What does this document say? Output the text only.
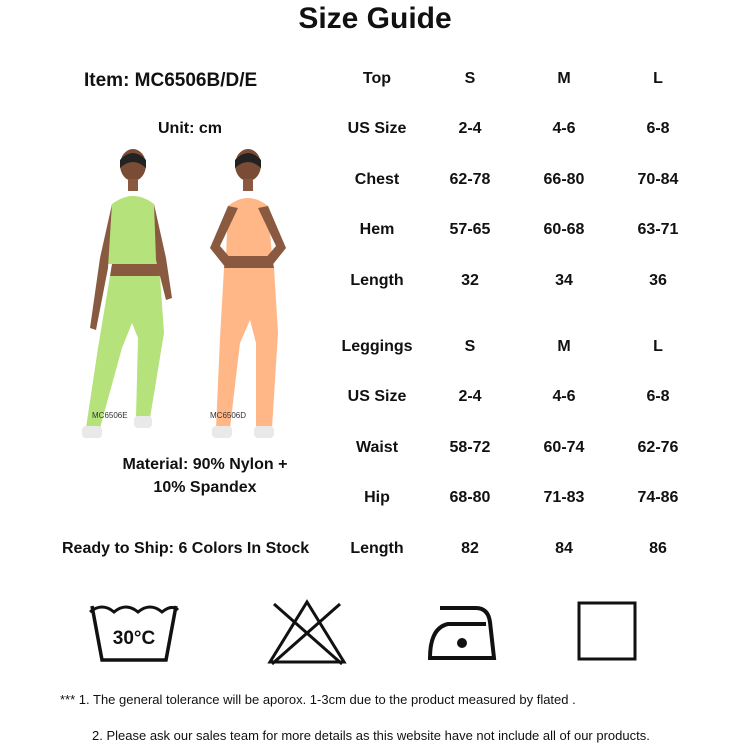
Size Guide
Item: MC6506B/D/E
Unit: cm
MC6506E	MC6506D
Material: 90% Nylon +
10% Spandex
Ready to Ship: 6 Colors In Stock
Top	S	M	L
US Size	2-4	4-6	6-8
Chest	62-78	66-80	70-84
Hem	57-65	60-68	63-71
Length	32	34	36
Leggings	S	M	L
US Size	2-4	4-6	6-8
Waist	58-72	60-74	62-76
Hip	68-80	71-83	74-86
Length	82	84	86
30°C
*** 1. The general tolerance will be aporox. 1-3cm due to the product measured by flated .
2. Please ask our sales team for more details as this website have not include all of our products.
